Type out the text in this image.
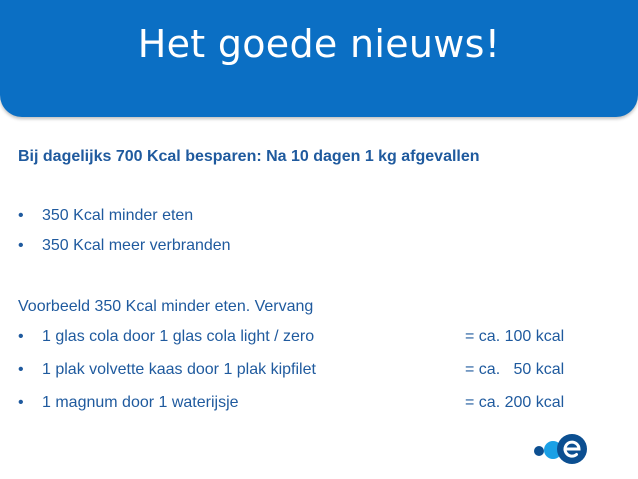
Het goede nieuws!
Bij dagelijks 700 Kcal besparen: Na 10 dagen 1 kg afgevallen
• 350 Kcal minder eten
• 350 Kcal meer verbranden
Voorbeeld 350 Kcal minder eten. Vervang
• 1 glas cola door 1 glas cola light / zero	= ca. 100 kcal
• 1 plak volvette kaas door 1 plak kipfilet	= ca.   50 kcal
• 1 magnum door 1 waterijsje	= ca. 200 kcal
